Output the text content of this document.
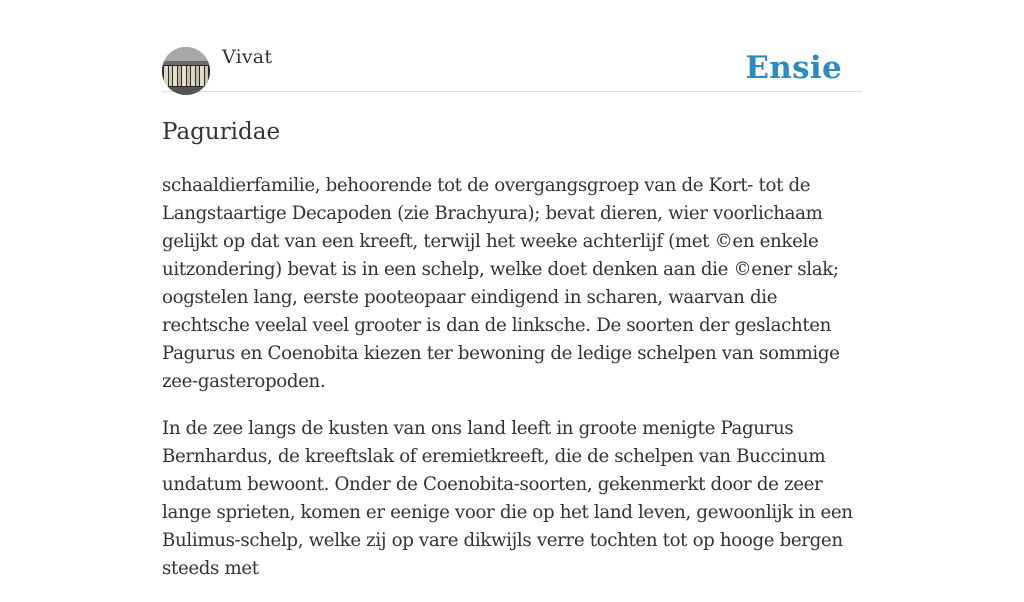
Vivat	Ensie
Paguridae

schaaldierfamilie, behoorende tot de overgangsgroep van de Kort- tot de Langstaartige Decapoden (zie Brachyura); bevat dieren, wier voorlichaam gelijkt op dat van een kreeft, terwijl het weeke achterlijf (met ©en enkele uitzondering) bevat is in een schelp, welke doet denken aan die ©ener slak; oogstelen lang, eerste pooteopaar eindigend in scharen, waarvan die rechtsche veelal veel grooter is dan de linksche. De soorten der geslachten Pagurus en Coenobita kiezen ter bewoning de ledige schelpen van sommige zee-gasteropoden.

In de zee langs de kusten van ons land leeft in groote menigte Pagurus Bernhardus, de kreeftslak of eremietkreeft, die de schelpen van Buccinum undatum bewoont. Onder de Coenobita-soorten, gekenmerkt door de zeer lange sprieten, komen er eenige voor die op het land leven, gewoonlijk in een Bulimus-schelp, welke zij op vare dikwijls verre tochten tot op hooge bergen steeds met
